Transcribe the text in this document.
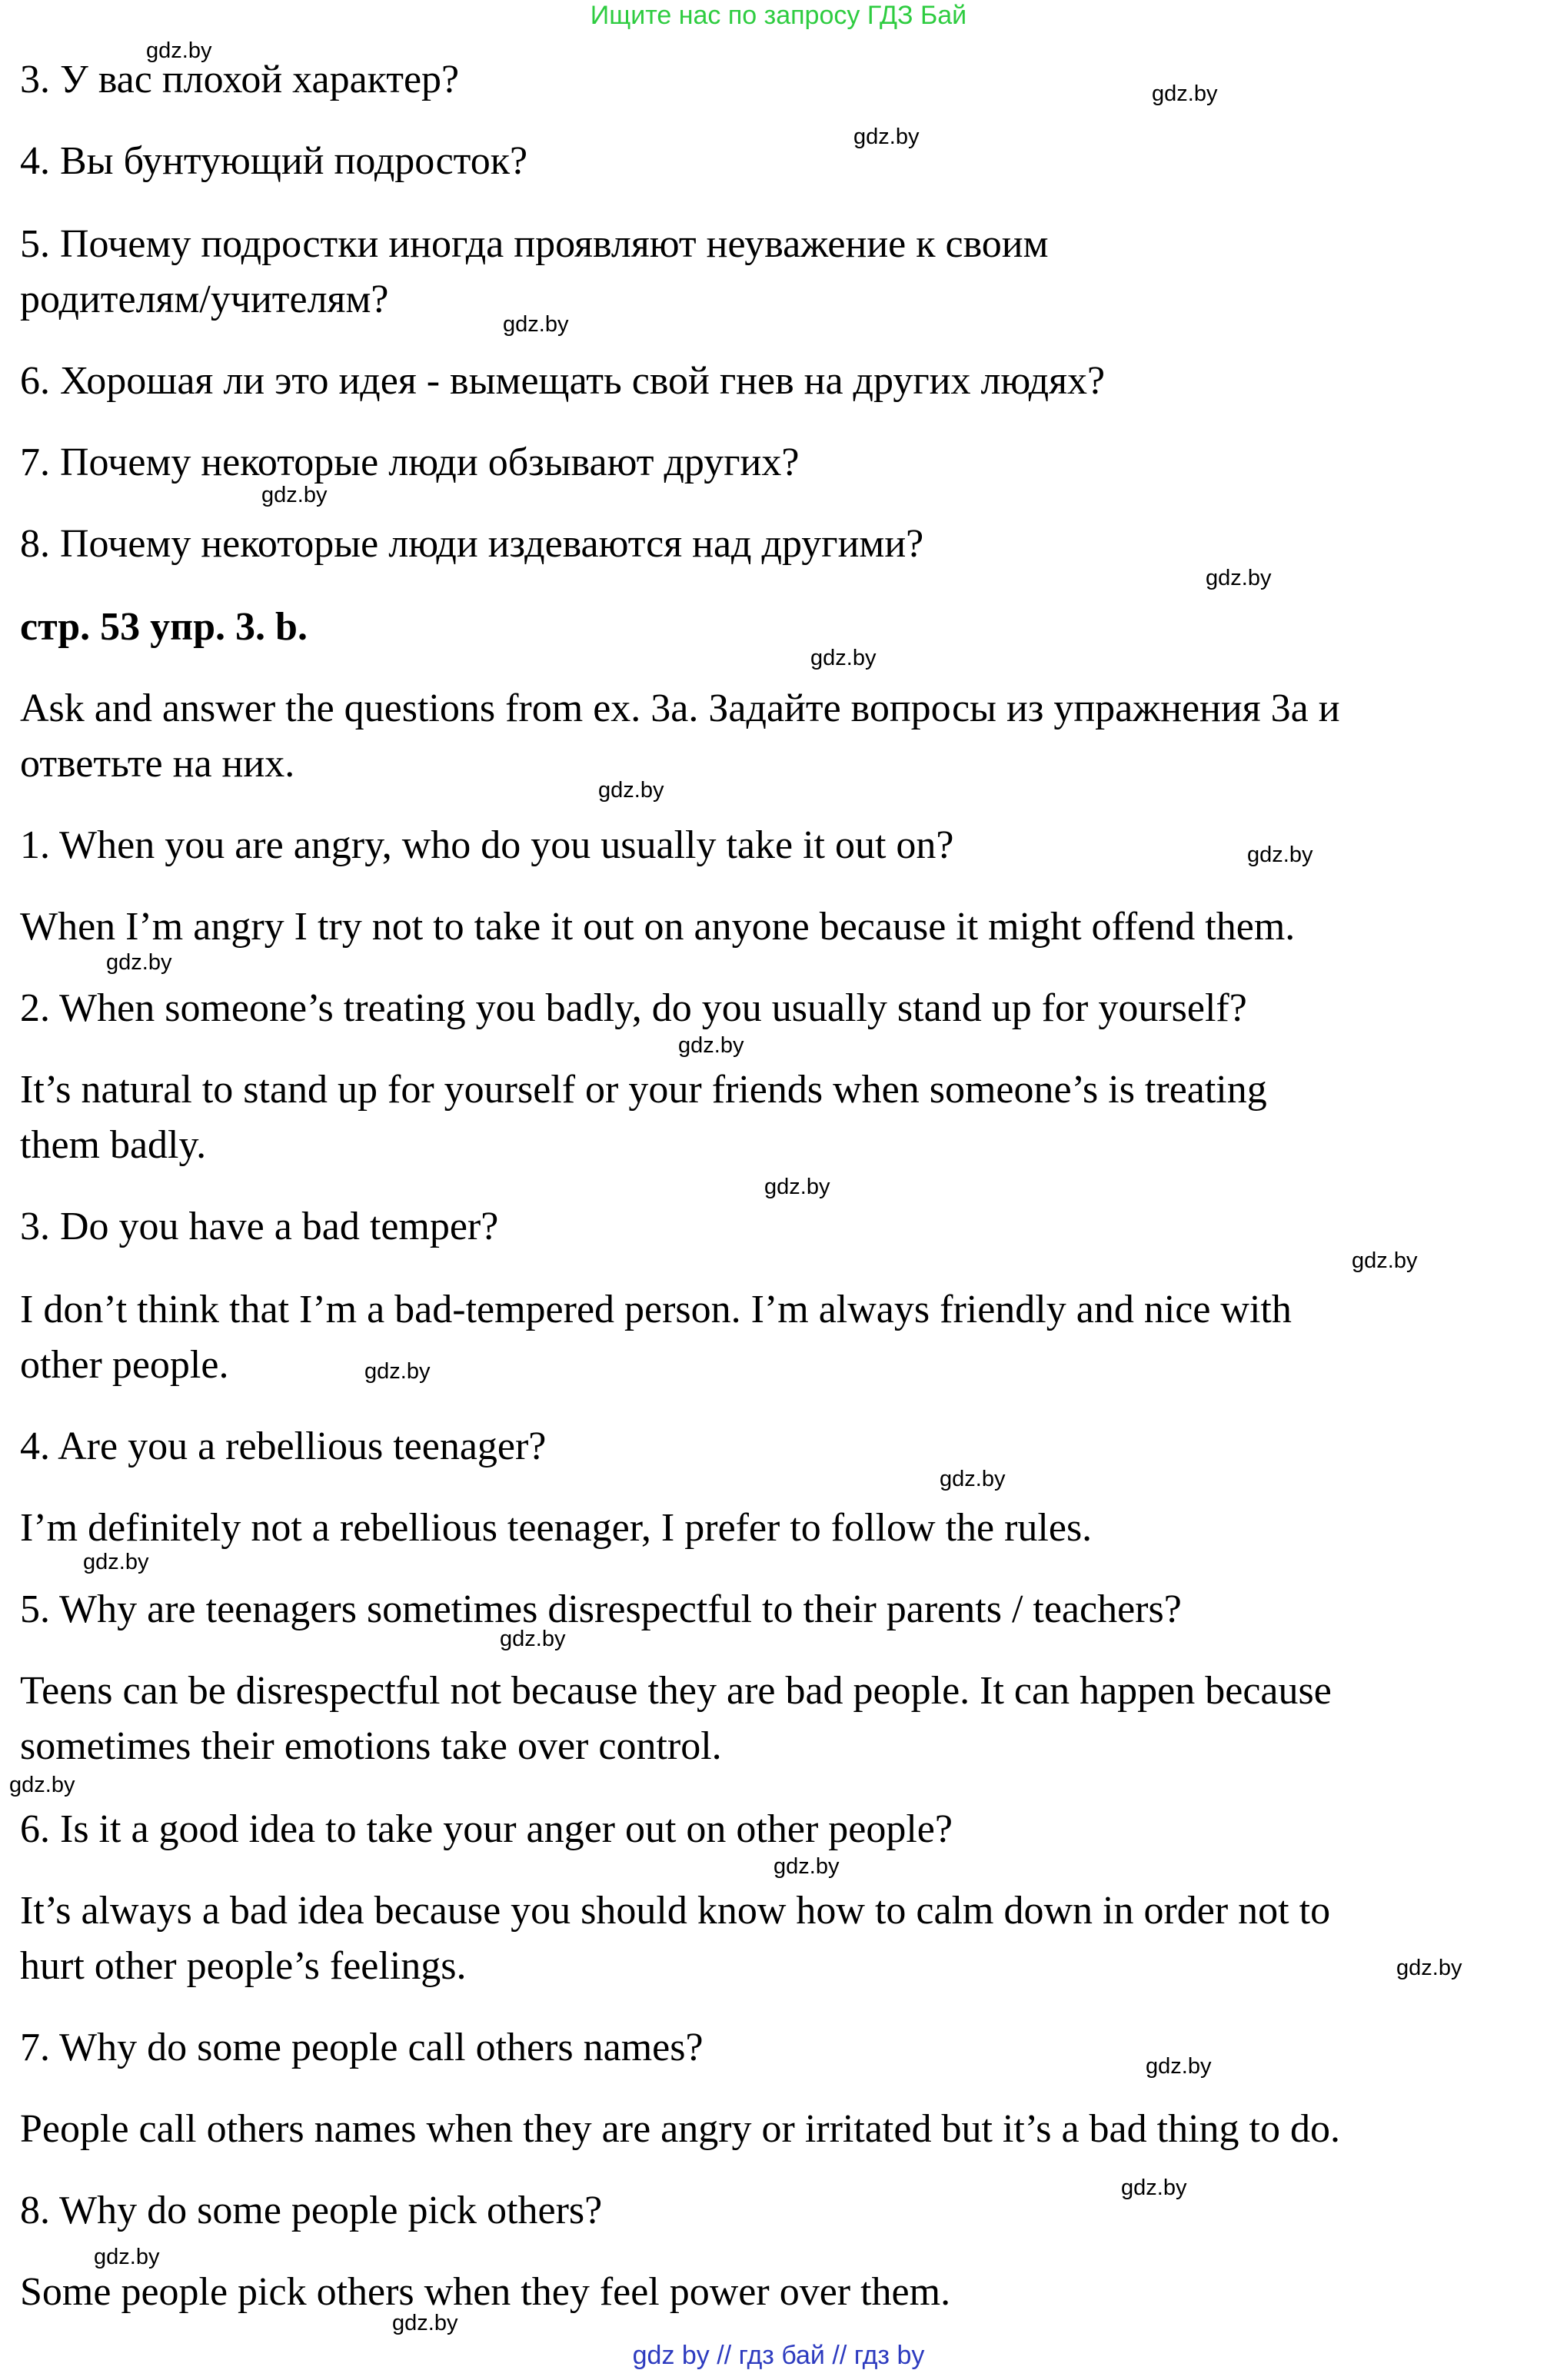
Ищите нас по запросу ГДЗ Бай

3. У вас плохой характер?

4. Вы бунтующий подросток?

5. Почему подростки иногда проявляют неуважение к своим

родителям/учителям?

6. Хорошая ли это идея - вымещать свой гнев на других людях?

7. Почему некоторые люди обзывают других?

8. Почему некоторые люди издеваются над другими?

стр. 53 упр. 3. b.

Ask and answer the questions from ex. 3a. Задайте вопросы из упражнения 3а и

ответьте на них.

1. When you are angry, who do you usually take it out on?

When I’m angry I try not to take it out on anyone because it might offend them.

2. When someone’s treating you badly, do you usually stand up for yourself?

It’s natural to stand up for yourself or your friends when someone’s is treating

them badly.

3. Do you have a bad temper?

I don’t think that I’m a bad-tempered person. I’m always friendly and nice with

other people.

4. Are you a rebellious teenager?

I’m definitely not a rebellious teenager, I prefer to follow the rules.

5. Why are teenagers sometimes disrespectful to their parents / teachers?

Teens can be disrespectful not because they are bad people. It can happen because

sometimes their emotions take over control.

6. Is it a good idea to take your anger out on other people?

It’s always a bad idea because you should know how to calm down in order not to

hurt other people’s feelings.

7. Why do some people call others names?

People call others names when they are angry or irritated but it’s a bad thing to do.

8. Why do some people pick others?

Some people pick others when they feel power over them.

gdz.by
gdz.by
gdz.by
gdz.by
gdz.by
gdz.by
gdz.by
gdz.by
gdz.by
gdz.by
gdz.by
gdz.by
gdz.by
gdz.by
gdz.by
gdz.by
gdz.by
gdz.by
gdz.by
gdz.by
gdz.by
gdz.by
gdz.by
gdz.by
gdz by // гдз бай // гдз by
